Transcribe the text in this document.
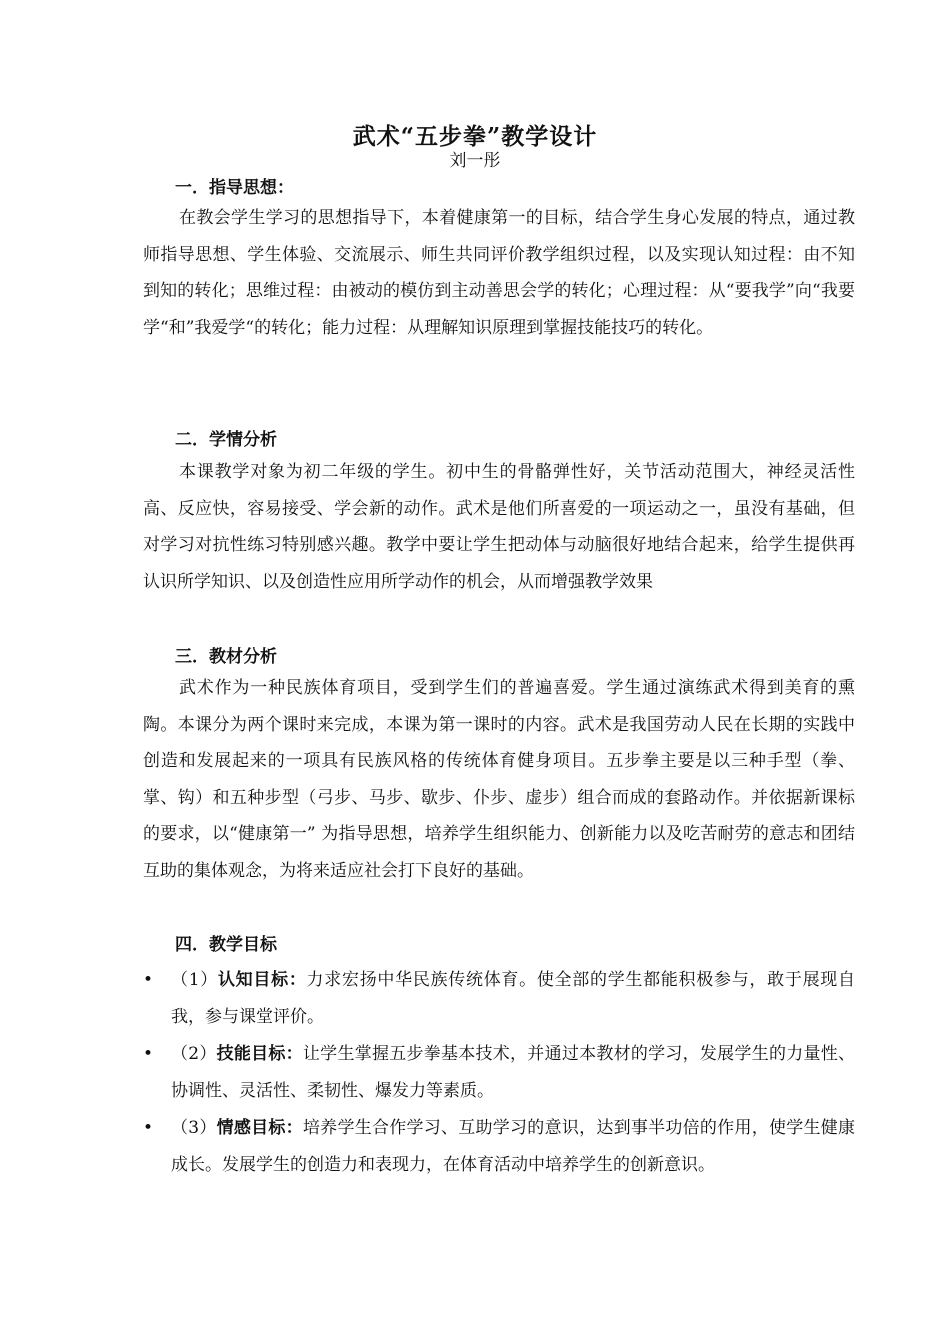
武术“五步拳”教学设计
刘一彤
一．指导思想：

在教会学生学习的思想指导下，本着健康第一的目标，结合学生身心发展的特点，通过教师指导思想、学生体验、交流展示、师生共同评价教学组织过程，以及实现认知过程：由不知到知的转化；思维过程：由被动的模仿到主动善思会学的转化；心理过程：从“要我学”向“我要学“和”我爱学“的转化；能力过程：从理解知识原理到掌握技能技巧的转化。

二．学情分析

本课教学对象为初二年级的学生。初中生的骨骼弹性好，关节活动范围大，神经灵活性高、反应快，容易接受、学会新的动作。武术是他们所喜爱的一项运动之一，虽没有基础，但对学习对抗性练习特别感兴趣。教学中要让学生把动体与动脑很好地结合起来，给学生提供再认识所学知识、以及创造性应用所学动作的机会，从而增强教学效果

三．教材分析

武术作为一种民族体育项目，受到学生们的普遍喜爱。学生通过演练武术得到美育的熏陶。本课分为两个课时来完成，本课为第一课时的内容。武术是我国劳动人民在长期的实践中创造和发展起来的一项具有民族风格的传统体育健身项目。五步拳主要是以三种手型（拳、掌、钩）和五种步型（弓步、马步、歇步、仆步、虚步）组合而成的套路动作。并依据新课标的要求，以“健康第一” 为指导思想，培养学生组织能力、创新能力以及吃苦耐劳的意志和团结互助的集体观念，为将来适应社会打下良好的基础。

四．教学目标
• （1）认知目标：力求宏扬中华民族传统体育。使全部的学生都能积极参与，敢于展现自我，参与课堂评价。
• （2）技能目标：让学生掌握五步拳基本技术，并通过本教材的学习，发展学生的力量性、协调性、灵活性、柔韧性、爆发力等素质。
• （3）情感目标：培养学生合作学习、互助学习的意识，达到事半功倍的作用，使学生健康成长。发展学生的创造力和表现力，在体育活动中培养学生的创新意识。
